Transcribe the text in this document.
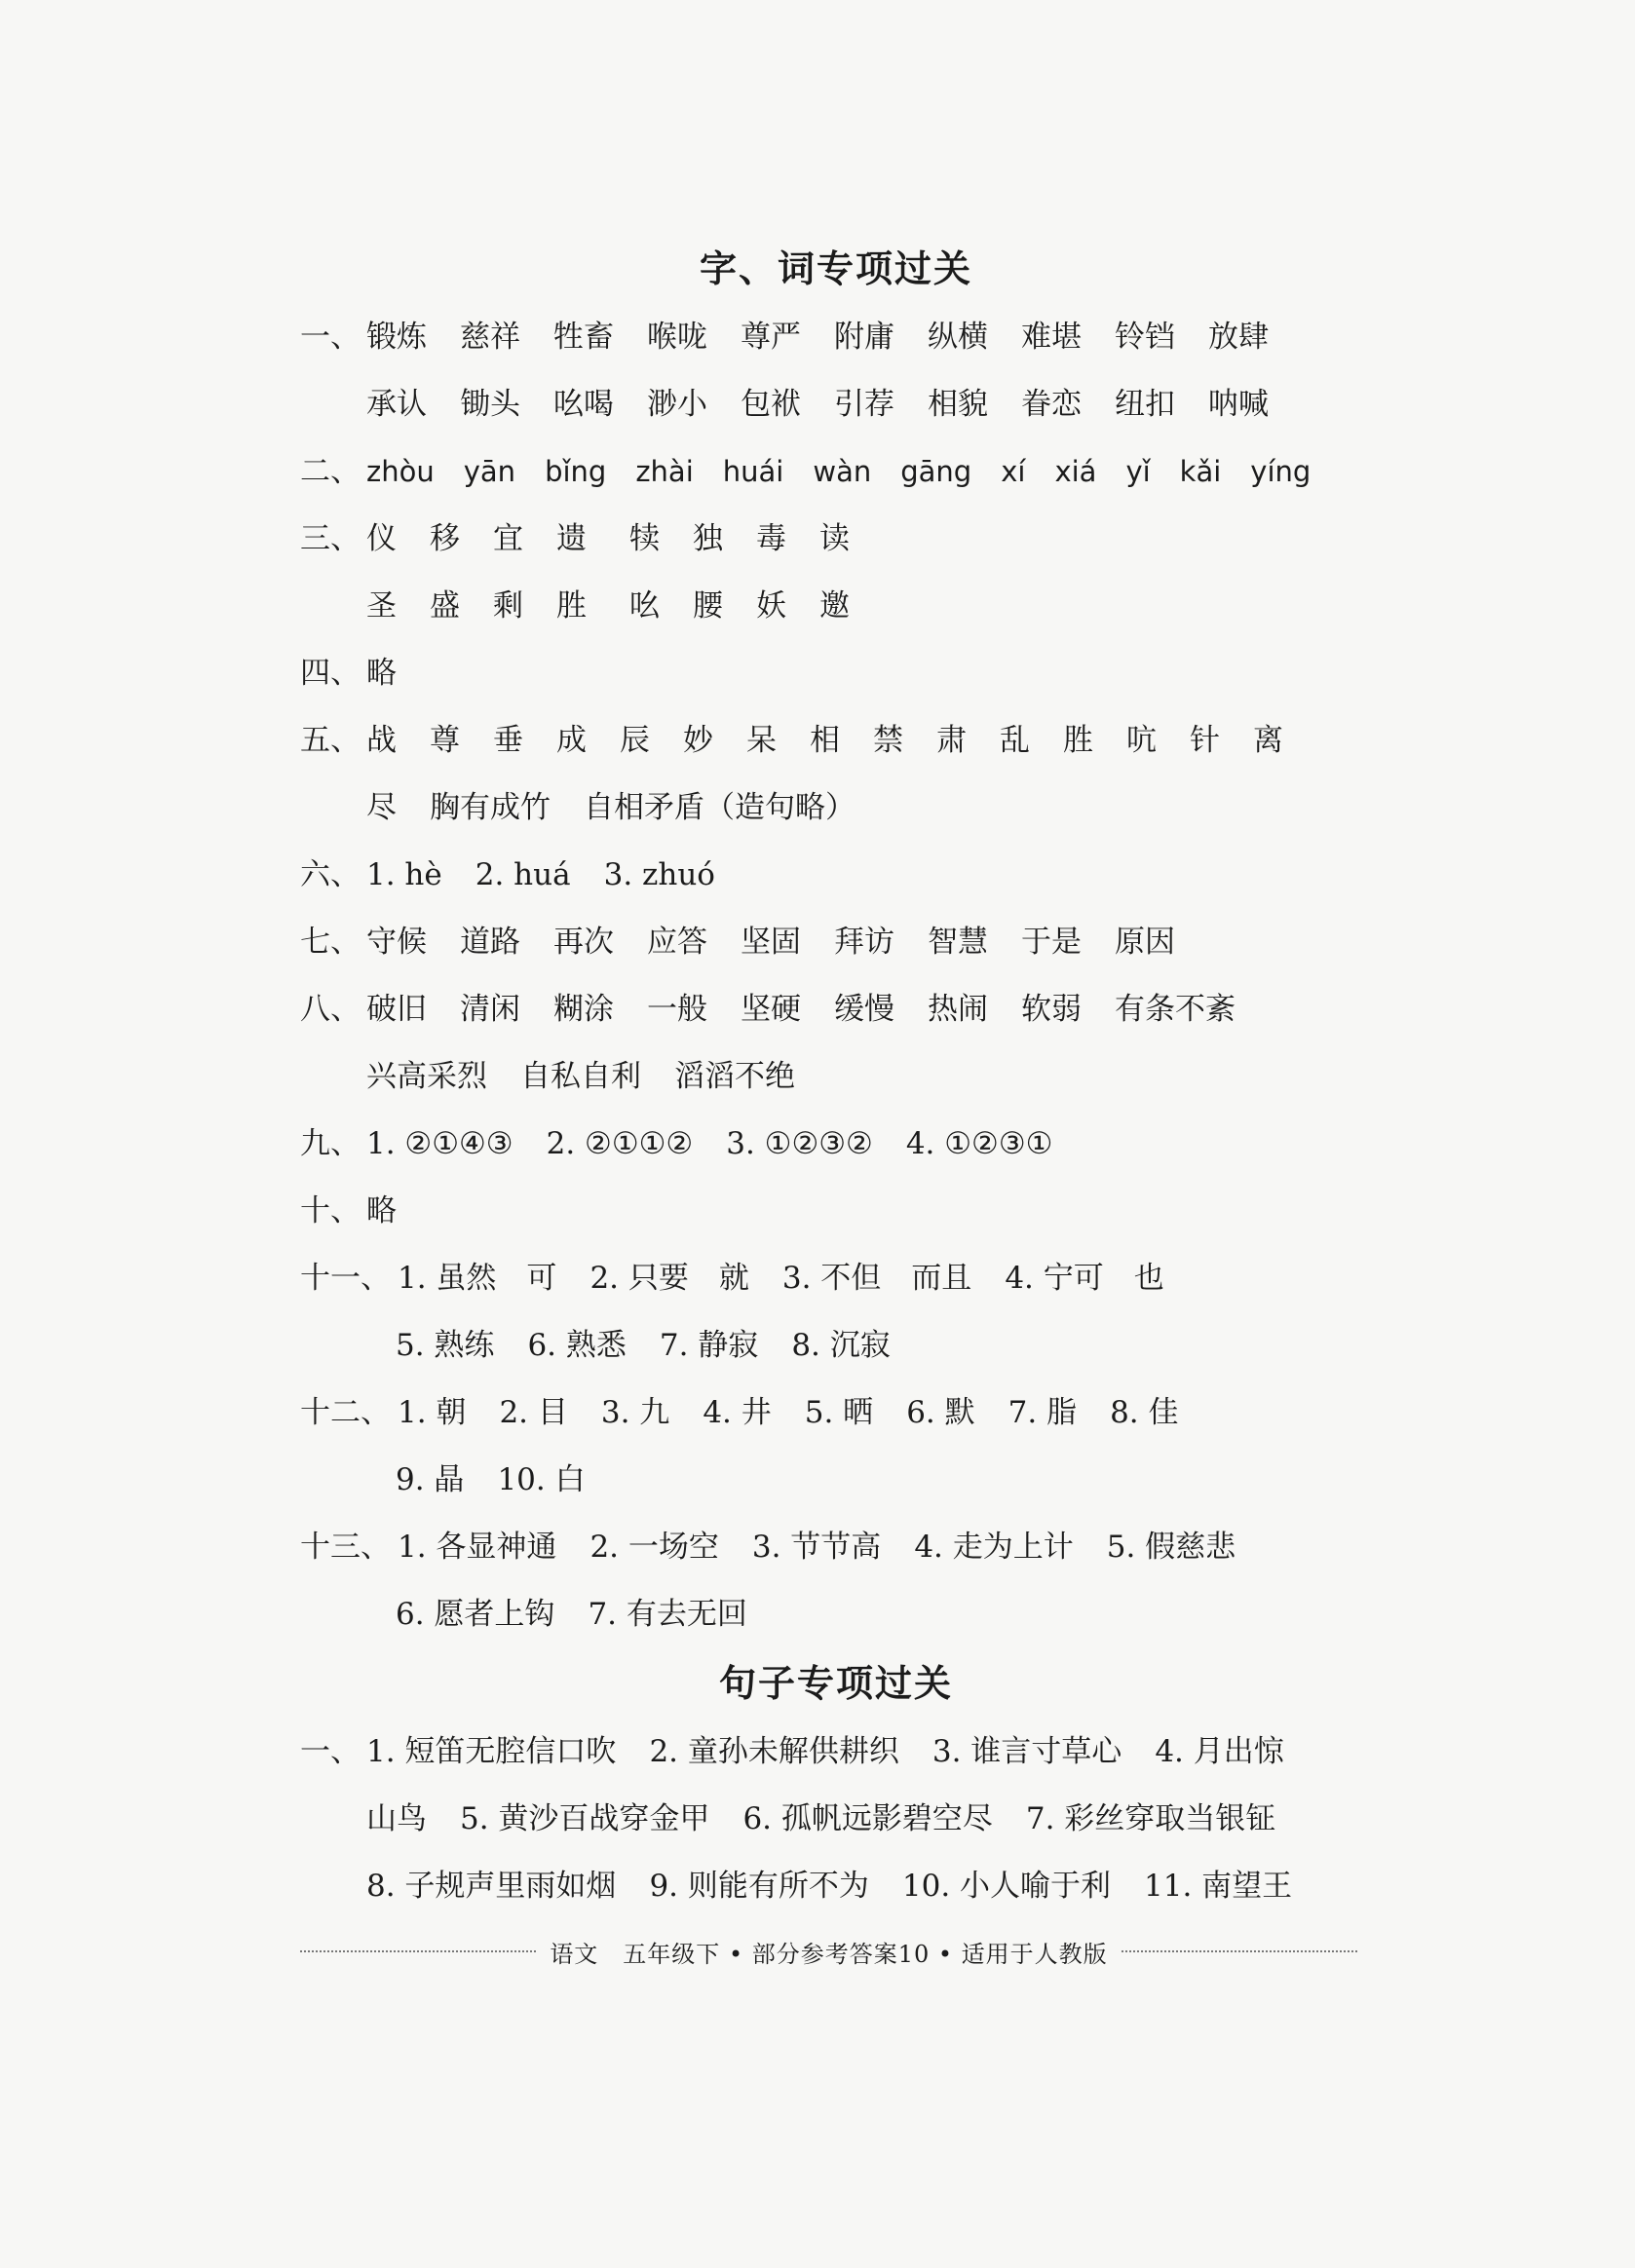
字、词专项过关
一、 锻炼 慈祥 牲畜 喉咙 尊严 附庸 纵横 难堪 铃铛 放肆
承认 锄头 吆喝 渺小 包袱 引荐 相貌 眷恋 纽扣 呐喊
二、 zhòu yān bǐng zhài huái wàn gāng xí xiá yǐ kǎi yíng
三、 仪 移 宜 遗 犊 独 毒 读
圣 盛 剩 胜 吆 腰 妖 邀
四、 略
五、 战 尊 垂 成 辰 妙 呆 相 禁 肃 乱 胜 吭 针 离
尽 胸有成竹 自相矛盾（造句略）
六、 1. hè 2. huá 3. zhuó
七、 守候 道路 再次 应答 坚固 拜访 智慧 于是 原因
八、 破旧 清闲 糊涂 一般 坚硬 缓慢 热闹 软弱 有条不紊
兴高采烈 自私自利 滔滔不绝
九、 1. ②①④③ 2. ②①①② 3. ①②③② 4. ①②③①
十、 略
十一、 1. 虽然　可 2. 只要　就 3. 不但　而且 4. 宁可　也
5. 熟练 6. 熟悉 7. 静寂 8. 沉寂
十二、 1. 朝 2. 目 3. 九 4. 井 5. 晒 6. 默 7. 脂 8. 佳
9. 晶 10. 白
十三、 1. 各显神通 2. 一场空 3. 节节高 4. 走为上计 5. 假慈悲
6. 愿者上钩 7. 有去无回
句子专项过关
一、 1. 短笛无腔信口吹 2. 童孙未解供耕织 3. 谁言寸草心 4. 月出惊
山鸟 5. 黄沙百战穿金甲 6. 孤帆远影碧空尽 7. 彩丝穿取当银钲
8. 子规声里雨如烟 9. 则能有所不为 10. 小人喻于利 11. 南望王
语文　五年级下 • 部分参考答案10 • 适用于人教版
